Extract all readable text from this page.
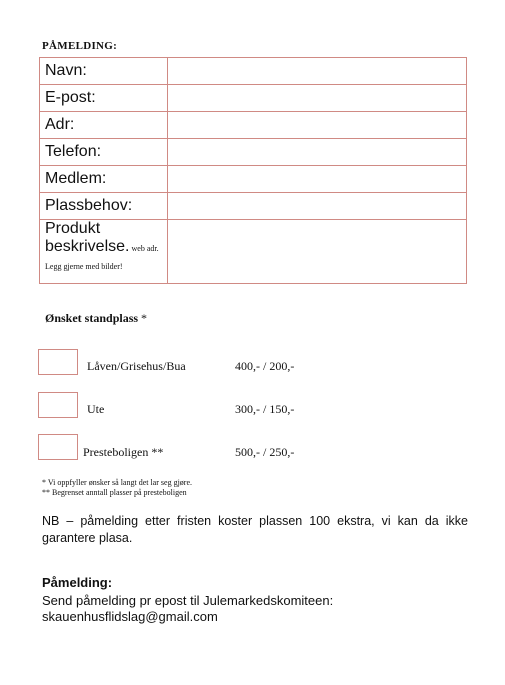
PÅMELDING:
Navn:	
E-post:	
Adr:	
Telefon:	
Medlem:	
Plassbehov:	
Produkt beskrivelse. web adr. Legg gjerne med bilder!	
Ønsket standplass *
Låven/Grisehus/Bua	400,- / 200,-
Ute	300,- / 150,-
Presteboligen **	500,- / 250,-
* Vi oppfyller ønsker så langt det lar seg gjøre.
** Begrenset anntall plasser på presteboligen
NB – påmelding etter fristen koster plassen 100 ekstra, vi kan da ikke garantere plasa.
Påmelding:
Send påmelding pr epost til Julemarkedskomiteen:
skauenhusflidslag@gmail.com
